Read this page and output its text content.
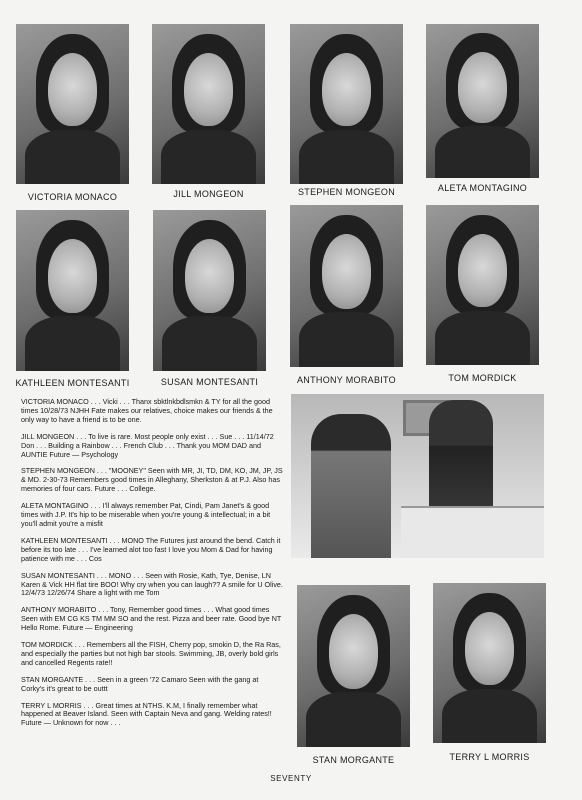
VICTORIA MONACO	JILL MONGEON	STEPHEN MONGEON	ALETA MONTAGINO
KATHLEEN MONTESANTI	SUSAN MONTESANTI	ANTHONY MORABITO	TOM MORDICK

VICTORIA MONACO . . . Vicki . . . Thanx sbktlnkbdlsmkn & TY for all the good times 10/28/73 NJHH Fate makes our relatives, choice makes our friends & the only way to have a friend is to be one.

JILL MONGEON . . . To live is rare. Most people only exist . . . Sue . . . 11/14/72 Don . . . Building a Rainbow . . . French Club . . . Thank you MOM DAD and AUNTIE Future — Psychology

STEPHEN MONGEON . . . "MOONEY" Seen with MR, JI, TD, DM, KO, JM, JP, JS & MD. 2-30-73 Remembers good times in Alleghany, Sherkston & at P.J. Also has memories of four cars. Future . . . College.

ALETA MONTAGINO . . . I'll always remember Pat, Cindi, Pam Janet's & good times with J.P. It's hip to be miserable when you're young & intellectual; in a bit you'll admit you're a misfit

KATHLEEN MONTESANTI . . . MONO The Futures just around the bend. Catch it before its too late . . . I've learned alot too fast I love you Mom & Dad for having patience with me . . . Cos

SUSAN MONTESANTI . . . MONO . . . Seen with Rosie, Kath, Tye, Denise, LN Karen & Vick HH flat tire BOO! Why cry when you can laugh?? A smile for U Olive. 12/4/73 12/26/74 Share a light with me Tom

ANTHONY MORABITO . . . Tony, Remember good times . . . What good times Seen with EM CG KS TM MM SO and the rest. Pizza and beer rate. Good bye NT Hello Rome. Future — Engineering

TOM MORDICK . . . Remembers all the FISH, Cherry pop, smokin D, the Ra Ras, and especially the parties but not high bar stools. Swimming, JB, overly bold girls and cancelled Regents rate!!

STAN MORGANTE . . . Seen in a green '72 Camaro Seen with the gang at Corky's it's great to be outtt

TERRY L MORRIS . . . Great times at NTHS. K.M, I finally remember what happened at Beaver Island. Seen with Captain Neva and gang. Welding rates!! Future — Unknown for now . . .

STAN MORGANTE	TERRY L MORRIS
SEVENTY
